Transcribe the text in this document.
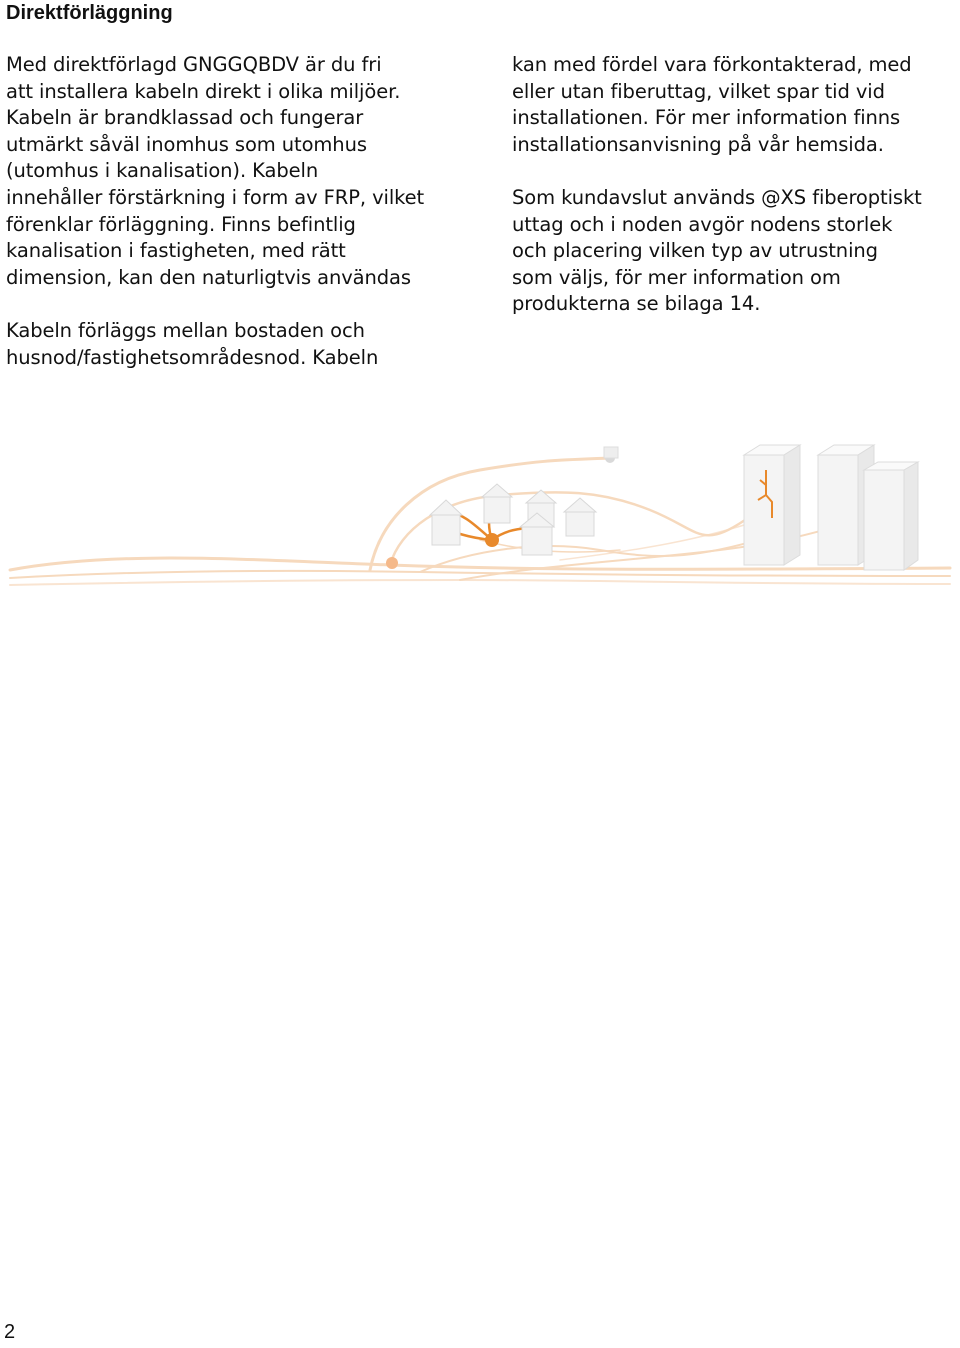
Direktförläggning

Med direktförlagd GNGGQBDV är du fri
att installera kabeln direkt i olika miljöer.
Kabeln är brandklassad och fungerar
utmärkt såväl inomhus som utomhus
(utomhus i kanalisation). Kabeln
innehåller förstärkning i form av FRP, vilket
förenklar förläggning. Finns befintlig
kanalisation i fastigheten, med rätt
dimension, kan den naturligtvis användas

Kabeln förläggs mellan bostaden och
husnod/fastighetsområdesnod. Kabeln

kan med fördel vara förkontakterad, med
eller utan fiberuttag, vilket spar tid vid
installationen. För mer information finns
installationsanvisning på vår hemsida.

Som kundavslut används @XS fiberoptiskt
uttag och i noden avgör nodens storlek
och placering vilken typ av utrustning
som väljs, för mer information om
produkterna se bilaga 14.

2
